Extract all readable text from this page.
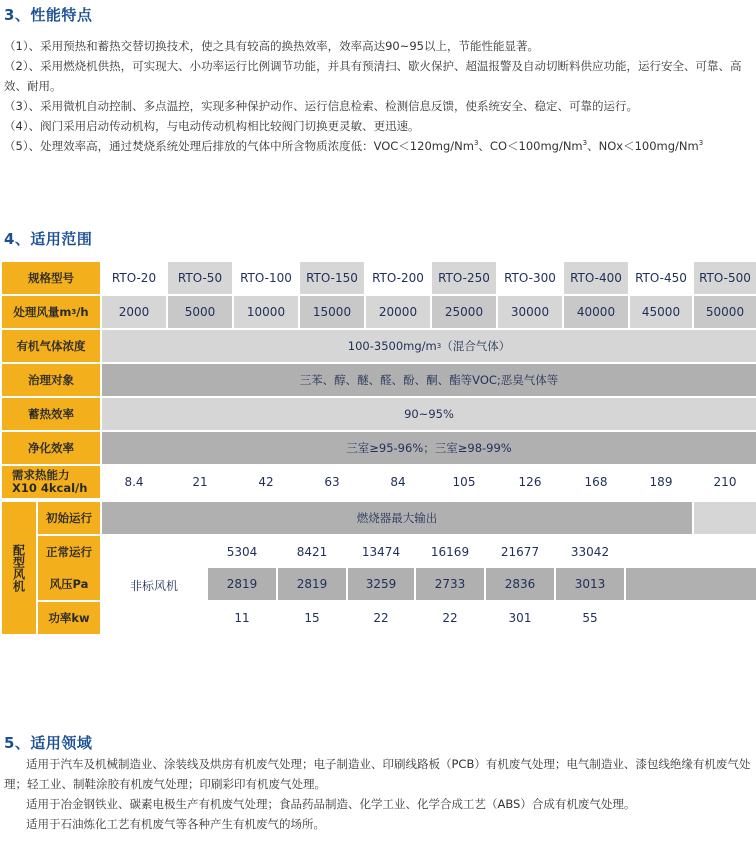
3、性能特点

（1）、采用预热和蓄热交替切换技术，使之具有较高的换热效率，效率高达90~95以上，节能性能显著。

（2）、采用燃烧机供热，可实现大、小功率运行比例调节功能，并具有预清扫、歇火保护、超温报警及自动切断料供应功能，运行安全、可靠、高效、耐用。

（3）、采用微机自动控制、多点温控，实现多种保护动作、运行信息检索、检测信息反馈，使系统安全、稳定、可靠的运行。

（4）、阀门采用启动传动机构，与电动传动机构相比较阀门切换更灵敏、更迅速。

（5）、处理效率高，通过焚烧系统处理后排放的气体中所含物质浓度低：$VOC<120mg/Nm^3$、$CO<100mg/Nm^3$、$NOx<100mg/Nm^3$

4、适用范围
规格型号	RTO-20	RTO-50	RTO-100	RTO-150	RTO-200	RTO-250	RTO-300	RTO-400	RTO-450	RTO-500
处理风量m 3 /h	2000	5000	10000	15000	20000	25000	30000	40000	45000	50000
有机气体浓度	100-3500mg/m 3 （混合气体）
治理对象	三苯、醇、醚、醛、酚、酮、酯等VOC;恶臭气体等
蓄热效率	90~95%
净化效率	三室≥95-96%；三室≥98-99%
需求热能力
X10 4kcal/h	8.4	21	42	63	84	105	126	168	189	210
配型风机
初始运行	燃烧器最大输出
正常运行	5304	8421	13474	16169	21677	33042
风压Pa	2819	2819	3259	2733	2836	3013
功率kw	11	15	22	22	301	55
非标风机
5、适用领域

适用于汽车及机械制造业、涂装线及烘房有机废气处理；电子制造业、印刷线路板（PCB）有机废气处理；电气制造业、漆包线绝缘有机废气处理；轻工业、制鞋涂胶有机废气处理；印刷彩印有机废气处理。

适用于冶金钢铁业、碳素电极生产有机废气处理；食品药品制造、化学工业、化学合成工艺（ABS）合成有机废气处理。

适用于石油炼化工艺有机废气等各种产生有机废气的场所。
